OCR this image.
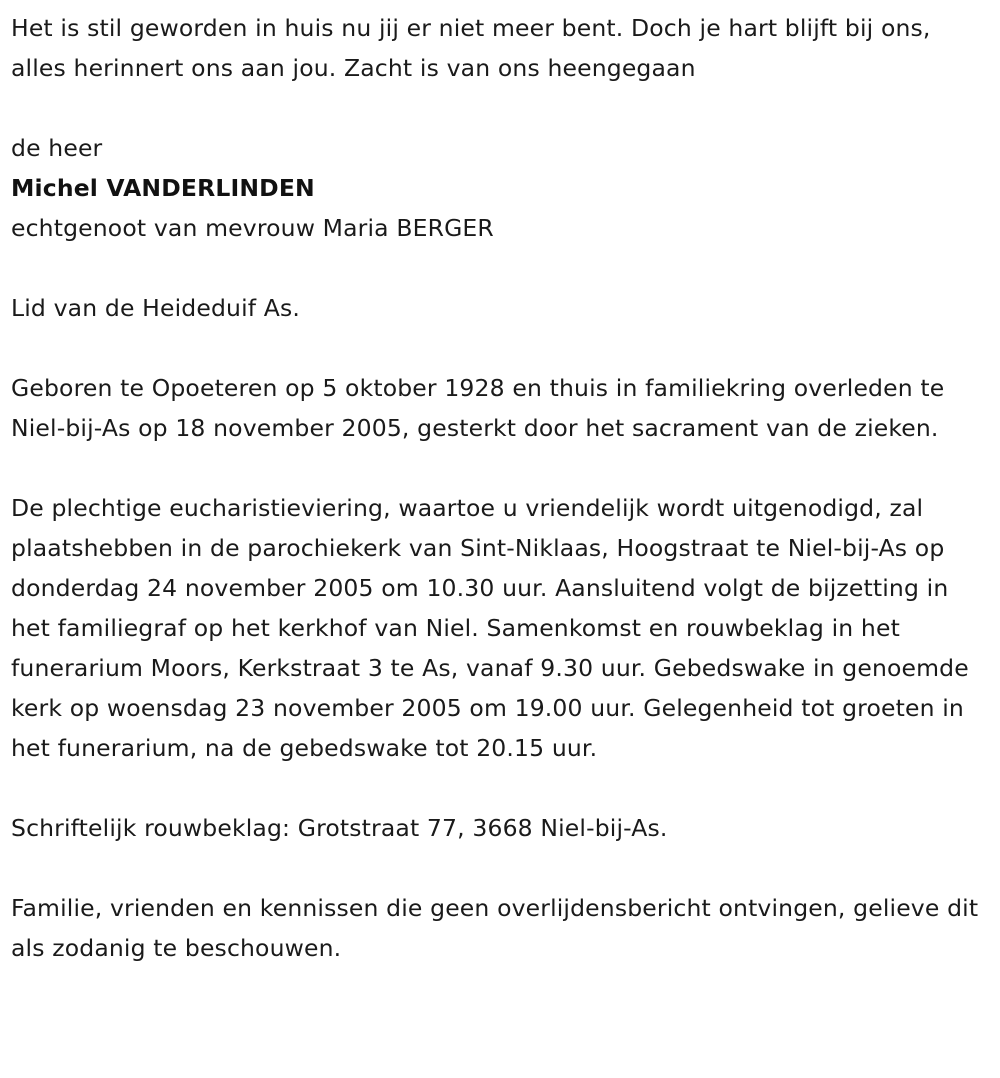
Het is stil geworden in huis nu jij er niet meer bent. Doch je hart blijft bij ons, alles herinnert ons aan jou. Zacht is van ons heengegaan

de heer

Michel VANDERLINDEN

echtgenoot van mevrouw Maria BERGER

Lid van de Heideduif As.

Geboren te Opoeteren op 5 oktober 1928 en thuis in familiekring overleden te Niel-bij-As op 18 november 2005, gesterkt door het sacrament van de zieken.

De plechtige eucharistieviering, waartoe u vriendelijk wordt uitgenodigd, zal plaatshebben in de parochiekerk van Sint-Niklaas, Hoogstraat te Niel-bij-As op donderdag 24 november 2005 om 10.30 uur. Aansluitend volgt de bijzetting in het familiegraf op het kerkhof van Niel. Samenkomst en rouwbeklag in het funerarium Moors, Kerkstraat 3 te As, vanaf 9.30 uur. Gebedswake in genoemde kerk op woensdag 23 november 2005 om 19.00 uur. Gelegenheid tot groeten in het funerarium, na de gebedswake tot 20.15 uur.

Schriftelijk rouwbeklag: Grotstraat 77, 3668 Niel-bij-As.

Familie, vrienden en kennissen die geen overlijdensbericht ontvingen, gelieve dit als zodanig te beschouwen.
